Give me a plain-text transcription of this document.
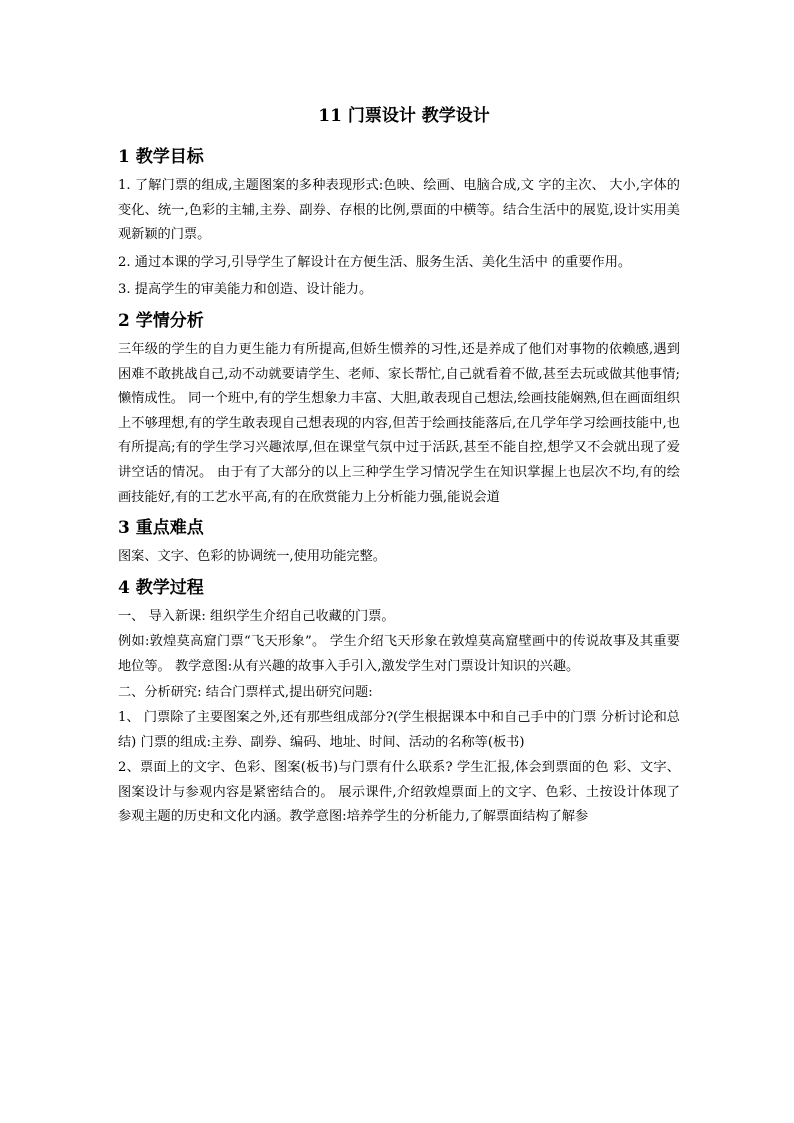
11 门票设计 教学设计
1 教学目标

1. 了解门票的组成,主题图案的多种表现形式:色映、绘画、电脑合成,文 字的主次、 大小,字体的变化、统一,色彩的主辅,主券、副券、存根的比例,票面的中横等。结合生活中的展览,设计实用美观新颖的门票。

2. 通过本课的学习,引导学生了解设计在方便生活、服务生活、美化生活中 的重要作用。

3. 提高学生的审美能力和创造、设计能力。

2 学情分析

三年级的学生的自力更生能力有所提高,但娇生惯养的习性,还是养成了他们对事物的依赖感,遇到困难不敢挑战自己,动不动就要请学生、老师、家长帮忙,自己就看着不做,甚至去玩或做其他事情;懒惰成性。 同一个班中,有的学生想象力丰富、大胆,敢表现自己想法,绘画技能娴熟,但在画面组织上不够理想,有的学生敢表现自己想表现的内容,但苦于绘画技能落后,在几学年学习绘画技能中,也有所提高;有的学生学习兴趣浓厚,但在课堂气氛中过于活跃,甚至不能自控,想学又不会就出现了爱讲空话的情况。 由于有了大部分的以上三种学生学习情况学生在知识掌握上也层次不均,有的绘画技能好,有的工艺水平高,有的在欣赏能力上分析能力强,能说会道

3 重点难点

图案、文字、色彩的协调统一,使用功能完整。

4 教学过程

一、 导入新课: 组织学生介绍自己收藏的门票。

例如:敦煌莫高窟门票“飞天形象”。 学生介绍飞天形象在敦煌莫高窟壁画中的传说故事及其重要地位等。 教学意图:从有兴趣的故事入手引入,激发学生对门票设计知识的兴趣。

二、分析研究: 结合门票样式,提出研究问题:

1、 门票除了主要图案之外,还有那些组成部分?(学生根据课本中和自己手中的门票 分析讨论和总结) 门票的组成:主券、副券、编码、地址、时间、活动的名称等(板书)

2、票面上的文字、色彩、图案(板书)与门票有什么联系? 学生汇报,体会到票面的色 彩、文字、图案设计与参观内容是紧密结合的。 展示课件,介绍敦煌票面上的文字、色彩、土按设计体现了参观主题的历史和文化内涵。教学意图:培养学生的分析能力,了解票面结构了解参
